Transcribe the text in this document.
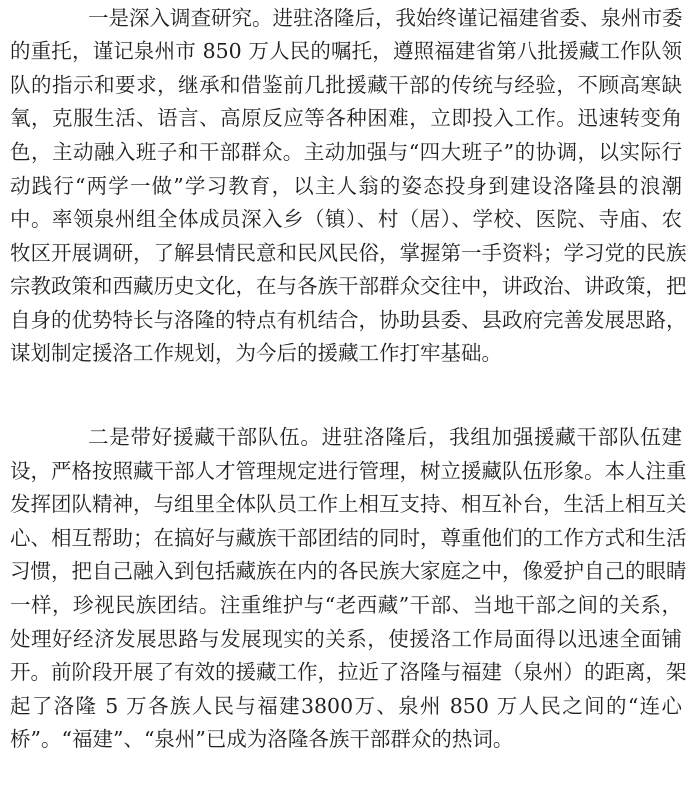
一是深入调查研究。进驻洛隆后，我始终谨记福建省委、泉州市委
的重托，谨记泉州市 850 万人民的嘱托，遵照福建省第八批援藏工作队领
队的指示和要求，继承和借鉴前几批援藏干部的传统与经验，不顾高寒缺
氧，克服生活、语言、高原反应等各种困难，立即投入工作。迅速转变角
色，主动融入班子和干部群众。主动加强与“四大班子”的协调，以实际行
动践行“两学一做”学习教育，以主人翁的姿态投身到建设洛隆县的浪潮
中。率领泉州组全体成员深入乡（镇）、村（居）、学校、医院、寺庙、农
牧区开展调研，了解县情民意和民风民俗，掌握第一手资料；学习党的民族
宗教政策和西藏历史文化，在与各族干部群众交往中，讲政治、讲政策，把
自身的优势特长与洛隆的特点有机结合，协助县委、县政府完善发展思路，
谋划制定援洛工作规划，为今后的援藏工作打牢基础。
二是带好援藏干部队伍。进驻洛隆后，我组加强援藏干部队伍建
设，严格按照藏干部人才管理规定进行管理，树立援藏队伍形象。本人注重
发挥团队精神，与组里全体队员工作上相互支持、相互补台，生活上相互关
心、相互帮助；在搞好与藏族干部团结的同时，尊重他们的工作方式和生活
习惯，把自己融入到包括藏族在内的各民族大家庭之中，像爱护自己的眼睛
一样，珍视民族团结。注重维护与“老西藏”干部、当地干部之间的关系，
处理好经济发展思路与发展现实的关系，使援洛工作局面得以迅速全面铺
开。前阶段开展了有效的援藏工作，拉近了洛隆与福建（泉州）的距离，架
起了洛隆 5 万各族人民与福建3800万、泉州 850 万人民之间的“连心
桥”。“福建”、“泉州”已成为洛隆各族干部群众的热词。
